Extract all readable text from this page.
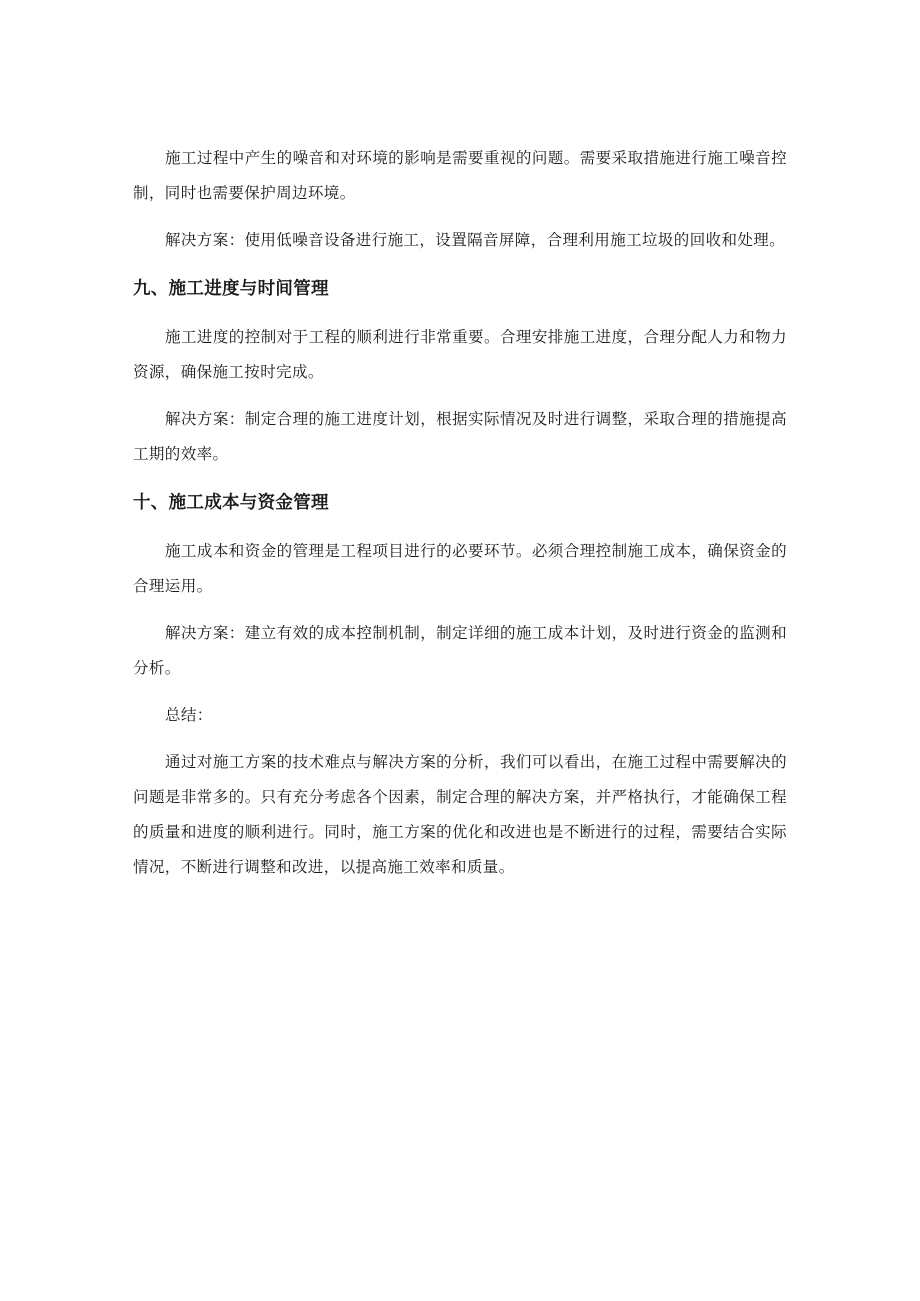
施工过程中产生的噪音和对环境的影响是需要重视的问题。需要采取措施进行施工噪音控制，同时也需要保护周边环境。

解决方案：使用低噪音设备进行施工，设置隔音屏障，合理利用施工垃圾的回收和处理。

九、施工进度与时间管理

施工进度的控制对于工程的顺利进行非常重要。合理安排施工进度，合理分配人力和物力资源，确保施工按时完成。

解决方案：制定合理的施工进度计划，根据实际情况及时进行调整，采取合理的措施提高工期的效率。

十、施工成本与资金管理

施工成本和资金的管理是工程项目进行的必要环节。必须合理控制施工成本，确保资金的合理运用。

解决方案：建立有效的成本控制机制，制定详细的施工成本计划，及时进行资金的监测和分析。

总结：

通过对施工方案的技术难点与解决方案的分析，我们可以看出，在施工过程中需要解决的问题是非常多的。只有充分考虑各个因素，制定合理的解决方案，并严格执行，才能确保工程的质量和进度的顺利进行。同时，施工方案的优化和改进也是不断进行的过程，需要结合实际情况，不断进行调整和改进，以提高施工效率和质量。
